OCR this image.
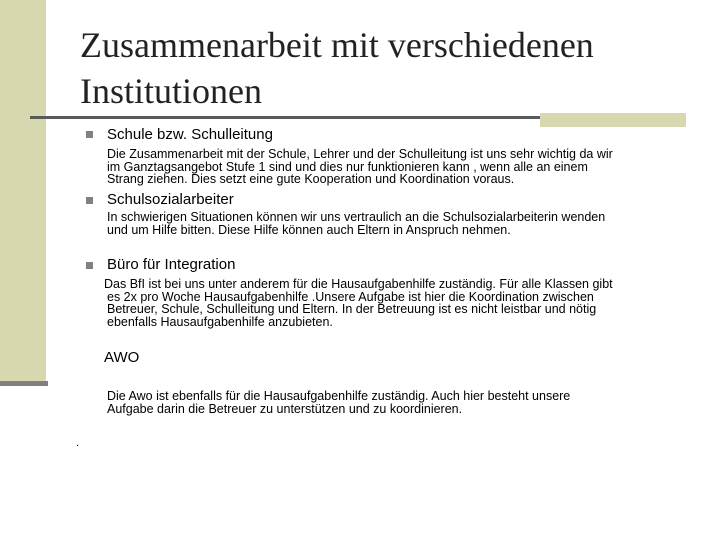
Zusammenarbeit mit verschiedenen
Institutionen
Schule bzw. Schulleitung
Die Zusammenarbeit mit der Schule, Lehrer und der Schulleitung ist uns sehr wichtig da wir
im Ganztagsangebot Stufe 1 sind und dies nur funktionieren kann , wenn alle an einem
Strang ziehen. Dies setzt eine gute Kooperation und Koordination voraus.
Schulsozialarbeiter
In schwierigen Situationen können wir uns vertraulich an die Schulsozialarbeiterin wenden
und um Hilfe bitten. Diese Hilfe können auch Eltern in Anspruch nehmen.
Büro für Integration
Das BfI ist bei uns unter anderem für die Hausaufgabenhilfe zuständig. Für alle Klassen gibt
es 2x pro Woche Hausaufgabenhilfe .Unsere Aufgabe ist hier die Koordination zwischen
Betreuer, Schule, Schulleitung und Eltern. In der Betreuung ist es nicht leistbar und nötig
ebenfalls Hausaufgabenhilfe anzubieten.
AWO
Die Awo ist ebenfalls für die Hausaufgabenhilfe zuständig. Auch hier besteht unsere
Aufgabe darin die Betreuer zu unterstützen und zu koordinieren.
.
